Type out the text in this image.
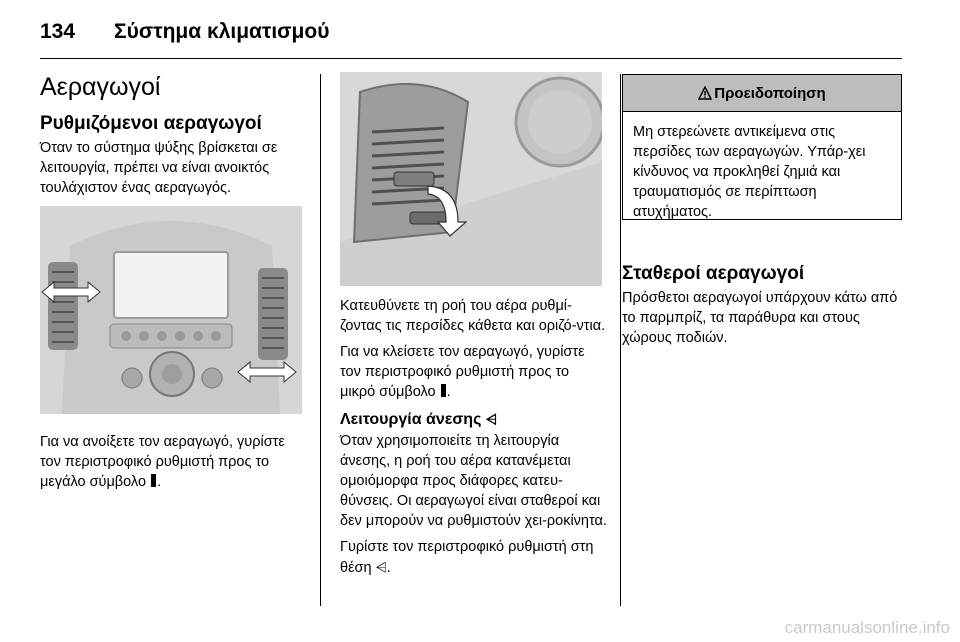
134 Σύστημα κλιματισμού
Αεραγωγοί
Ρυθμιζόμενοι αεραγωγοί

Όταν το σύστημα ψύξης βρίσκεται σε λειτουργία, πρέπει να είναι ανοικτός τουλάχιστον ένας αεραγωγός.

Για να ανοίξετε τον αεραγωγό, γυρίστε
τον περιστροφικό ρυθμιστή προς το
μεγάλο σύμβολο .

Κατευθύνετε τη ροή του αέρα ρυθμί-ζοντας τις περσίδες κάθετα και οριζό-ντια.

Για να κλείσετε τον αεραγωγό, γυρίστε
τον περιστροφικό ρυθμιστή προς το
μικρό σύμβολο .

Λειτουργία άνεσης ⩤

Όταν χρησιμοποιείτε τη λειτουργία άνεσης, η ροή του αέρα κατανέμεται ομοιόμορφα προς διάφορες κατευ-θύνσεις. Οι αεραγωγοί είναι σταθεροί και δεν μπορούν να ρυθμιστούν χει-ροκίνητα.

Γυρίστε τον περιστροφικό ρυθμιστή στη θέση ⩤.

Προειδοποίηση
Μη στερεώνετε αντικείμενα στις περσίδες των αεραγωγών. Υπάρ-χει κίνδυνος να προκληθεί ζημιά και τραυματισμός σε περίπτωση ατυχήματος.
Σταθεροί αεραγωγοί

Πρόσθετοι αεραγωγοί υπάρχουν κάτω από το παρμπρίζ, τα παράθυρα και στους χώρους ποδιών.

carmanualsonline.info
